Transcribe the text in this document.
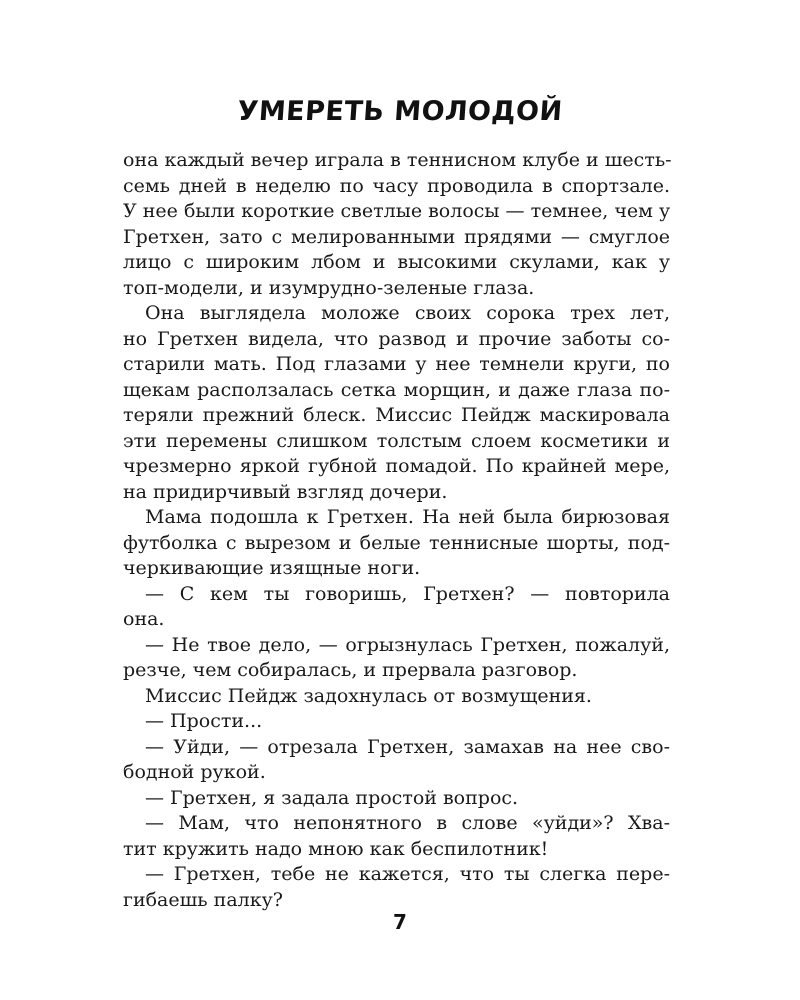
УМЕРЕТЬ МОЛОДОЙ
она каждый вечер играла в теннисном клубе и шесть-
семь дней в неделю по часу проводила в спортзале.
У нее были короткие светлые волосы — темнее, чем у
Гретхен, зато с мелированными прядями — смуглое
лицо с широким лбом и высокими скулами, как у
топ-модели, и изумрудно-зеленые глаза.
Она выглядела моложе своих сорока трех лет,
но Гретхен видела, что развод и прочие заботы со-
старили мать. Под глазами у нее темнели круги, по
щекам расползалась сетка морщин, и даже глаза по-
теряли прежний блеск. Миссис Пейдж маскировала
эти перемены слишком толстым слоем косметики и
чрезмерно яркой губной помадой. По крайней мере,
на придирчивый взгляд дочери.
Мама подошла к Гретхен. На ней была бирюзовая
футболка с вырезом и белые теннисные шорты, под-
черкивающие изящные ноги.
— С кем ты говоришь, Гретхен? — повторила
она.
— Не твое дело, — огрызнулась Гретхен, пожалуй,
резче, чем собиралась, и прервала разговор.
Миссис Пейдж задохнулась от возмущения.
— Прости...
— Уйди, — отрезала Гретхен, замахав на нее сво-
бодной рукой.
— Гретхен, я задала простой вопрос.
— Мам, что непонятного в слове «уйди»? Хва-
тит кружить надо мною как беспилотник!
— Гретхен, тебе не кажется, что ты слегка пере-
гибаешь палку?
7
